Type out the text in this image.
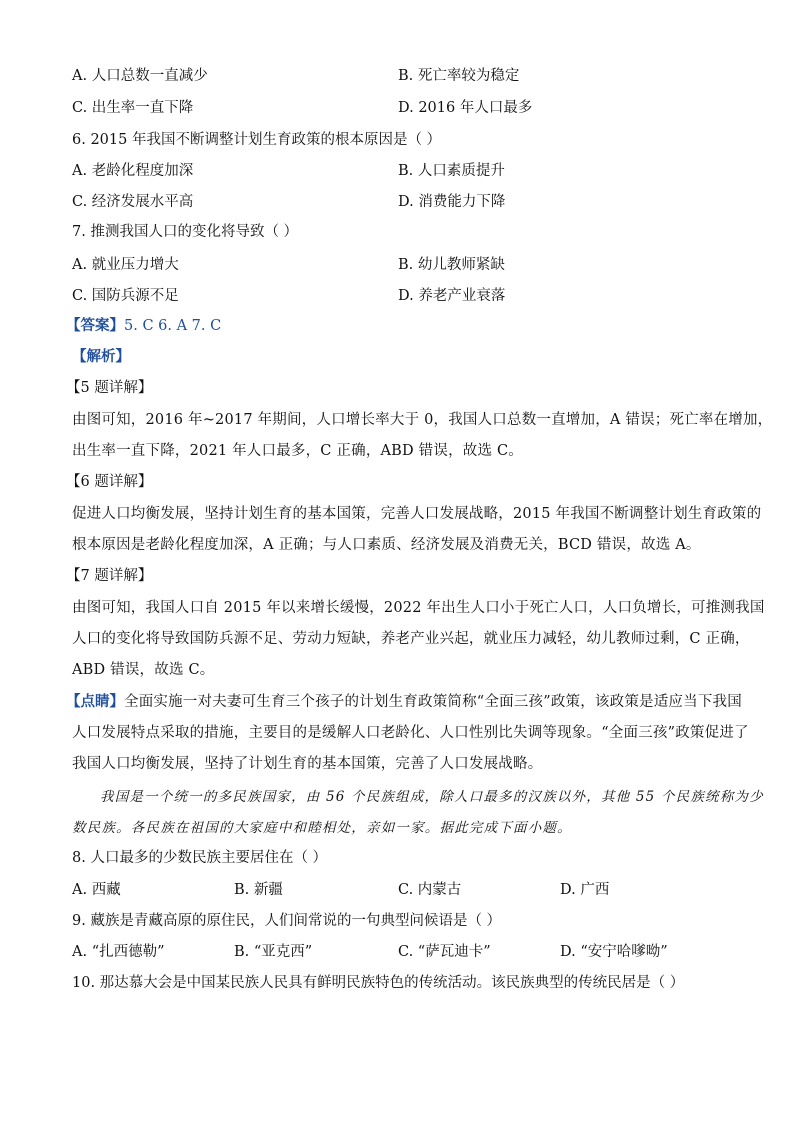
A. 人口总数一直减少	B. 死亡率较为稳定
C. 出生率一直下降	D. 2016 年人口最多
6. 2015 年我国不断调整计划生育政策的根本原因是（ ）
A. 老龄化程度加深	B. 人口素质提升
C. 经济发展水平高	D. 消费能力下降
7. 推测我国人口的变化将导致（ ）
A. 就业压力增大	B. 幼儿教师紧缺
C. 国防兵源不足	D. 养老产业衰落
【答案】5. C 6. A 7. C
【解析】
【5 题详解】
由图可知，2016 年~2017 年期间，人口增长率大于 0，我国人口总数一直增加，A 错误；死亡率在增加，
出生率一直下降，2021 年人口最多，C 正确，ABD 错误，故选 C。
【6 题详解】
促进人口均衡发展，坚持计划生育的基本国策，完善人口发展战略，2015 年我国不断调整计划生育政策的
根本原因是老龄化程度加深，A 正确；与人口素质、经济发展及消费无关，BCD 错误，故选 A。
【7 题详解】
由图可知，我国人口自 2015 年以来增长缓慢，2022 年出生人口小于死亡人口，人口负增长，可推测我国
人口的变化将导致国防兵源不足、劳动力短缺，养老产业兴起，就业压力减轻，幼儿教师过剩，C 正确，
ABD 错误，故选 C。
【点睛】全面实施一对夫妻可生育三个孩子的计划生育政策简称“全面三孩”政策，该政策是适应当下我国
人口发展特点采取的措施，主要目的是缓解人口老龄化、人口性别比失调等现象。“全面三孩”政策促进了
我国人口均衡发展，坚持了计划生育的基本国策，完善了人口发展战略。
我国是一个统一的多民族国家，由 56 个民族组成，除人口最多的汉族以外，其他 55 个民族统称为少
数民族。各民族在祖国的大家庭中和睦相处，亲如一家。据此完成下面小题。
8. 人口最多的少数民族主要居住在（ ）
A. 西藏	B. 新疆	C. 内蒙古	D. 广西
9. 藏族是青藏高原的原住民，人们间常说的一句典型问候语是（ ）
A. “扎西德勒”	B. “亚克西”	C. “萨瓦迪卡”	D. “安宁哈嗲呦”
10. 那达慕大会是中国某民族人民具有鲜明民族特色的传统活动。该民族典型的传统民居是（ ）
